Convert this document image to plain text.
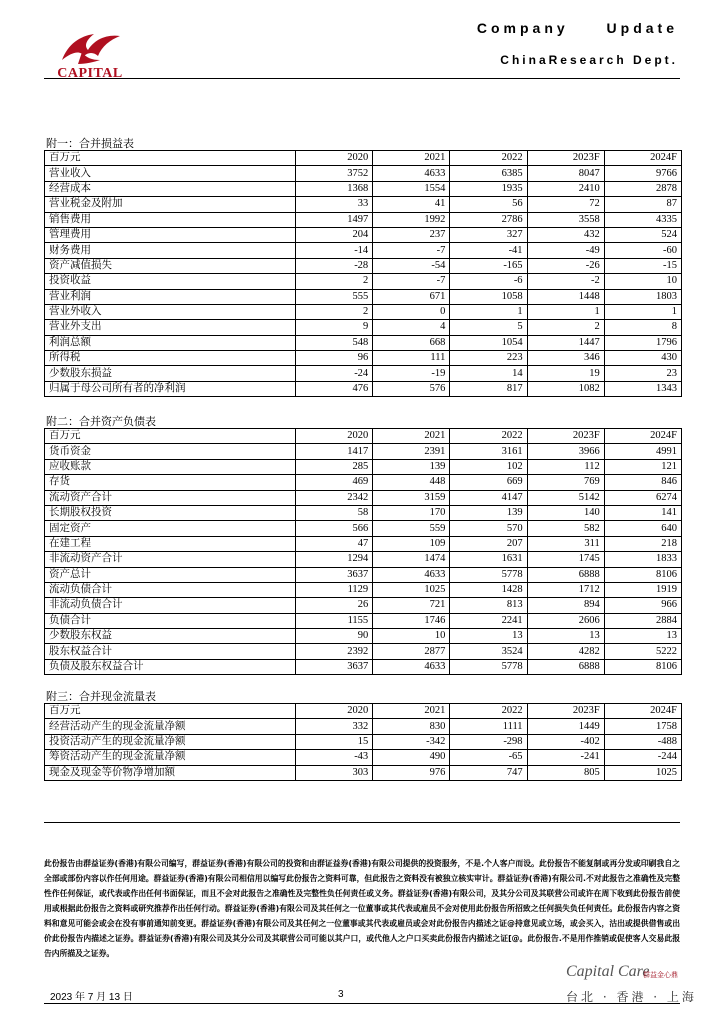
CAPITAL
Company Update
ChinaResearch Dept.
附一：合并损益表
百万元	2020	2021	2022	2023F	2024F
营业收入	3752	4633	6385	8047	9766
经营成本	1368	1554	1935	2410	2878
营业税金及附加	33	41	56	72	87
销售费用	1497	1992	2786	3558	4335
管理费用	204	237	327	432	524
财务费用	-14	-7	-41	-49	-60
资产减值损失	-28	-54	-165	-26	-15
投资收益	2	-7	-6	-2	10
营业利润	555	671	1058	1448	1803
营业外收入	2	0	1	1	1
营业外支出	9	4	5	2	8
利润总额	548	668	1054	1447	1796
所得税	96	111	223	346	430
少数股东损益	-24	-19	14	19	23
归属于母公司所有者的净利润	476	576	817	1082	1343
附二：合并资产负债表
百万元	2020	2021	2022	2023F	2024F
货币资金	1417	2391	3161	3966	4991
应收账款	285	139	102	112	121
存货	469	448	669	769	846
流动资产合计	2342	3159	4147	5142	6274
长期股权投资	58	170	139	140	141
固定资产	566	559	570	582	640
在建工程	47	109	207	311	218
非流动资产合计	1294	1474	1631	1745	1833
资产总计	3637	4633	5778	6888	8106
流动负债合计	1129	1025	1428	1712	1919
非流动负债合计	26	721	813	894	966
负债合计	1155	1746	2241	2606	2884
少数股东权益	90	10	13	13	13
股东权益合计	2392	2877	3524	4282	5222
负债及股东权益合计	3637	4633	5778	6888	8106
附三：合并现金流量表
百万元	2020	2021	2022	2023F	2024F
经营活动产生的现金流量净额	332	830	1111	1449	1758
投资活动产生的现金流量净额	15	-342	-298	-402	-488
筹资活动产生的现金流量净额	-43	490	-65	-241	-244
现金及现金等价物净增加额	303	976	747	805	1025
此份报告由群益证券(香港)有限公司编写，群益证券(香港)有限公司的投资和由群证益券(香港)有限公司提供的投资服务，不是.个人客户而设。此份报告不能复制或再分发或印刷我自之全部或部份内容以作任何用途。群益证券(香港)有限公司相信用以编写此份报告之资料可靠，但此报告之资料没有被独立核实审计。群益证券(香港)有限公司.不对此报告之准确性及完整性作任何保证，或代表或作出任何书面保证，而且不会对此报告之准确性及完整性负任何责任或义务。群益证券(香港)有限公司，及其分公司及其联营公司或许在周下收到此份报告前使用或根据此份报告之资料或研究推荐作出任何行动。群益证券(香港)有限公司及其任何之一位董事或其代表或雇员不会对使用此份报告所招致之任何损失负任何责任。此份报告内容之资料和意见可能会或会在没有事前通知前变更。群益证券(香港)有限公司及其任何之一位董事或其代表或雇员或会对此份报告内描述之证@持意见或立场，或会买入，沽出或提供借售或出价此份报告内描述之证券。群益证券(香港)有限公司及其分公司及其联营公司可能以其户口，或代他人之户口买卖此份报告内描述之证[@。此份报告.不是用作推销或促使客人交易此报告内所描及之证券。
Capital Care
群益金心鼎
台北 · 香港 · 上海
2023 年 7 月 13 日	3
